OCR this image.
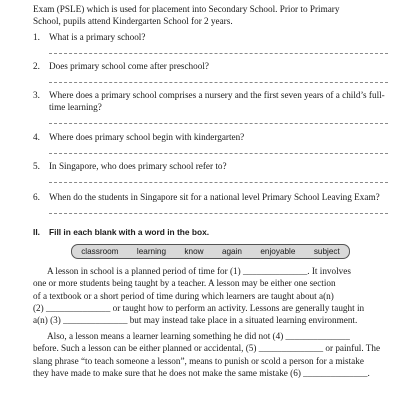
Exam (PSLE) which is used for placement into Secondary School. Prior to Primary
School, pupils attend Kindergarten School for 2 years.
1. What is a primary school?
2. Does primary school come after preschool?
3. Where does a primary school comprises a nursery and the first seven years of a child’s full-time learning?
4. Where does primary school begin with kindergarten?
5. In Singapore, who does primary school refer to?
6. When do the students in Singapore sit for a national level Primary School Leaving Exam?
II. Fill in each blank with a word in the box.
classroom learning know again enjoyable subject
A lesson in school is a planned period of time for (1) ______________. It involves
one or more students being taught by a teacher. A lesson may be either one section
of a textbook or a short period of time during which learners are taught about a(n)
(2) ______________ or taught how to perform an activity. Lessons are generally taught in
a(n) (3) ______________ but may instead take place in a situated learning environment.
Also, a lesson means a learner learning something he did not (4) ______________
before. Such a lesson can be either planned or accidental, (5) ______________ or painful. The
slang phrase “to teach someone a lesson”, means to punish or scold a person for a mistake
they have made to make sure that he does not make the same mistake (6) ______________.
